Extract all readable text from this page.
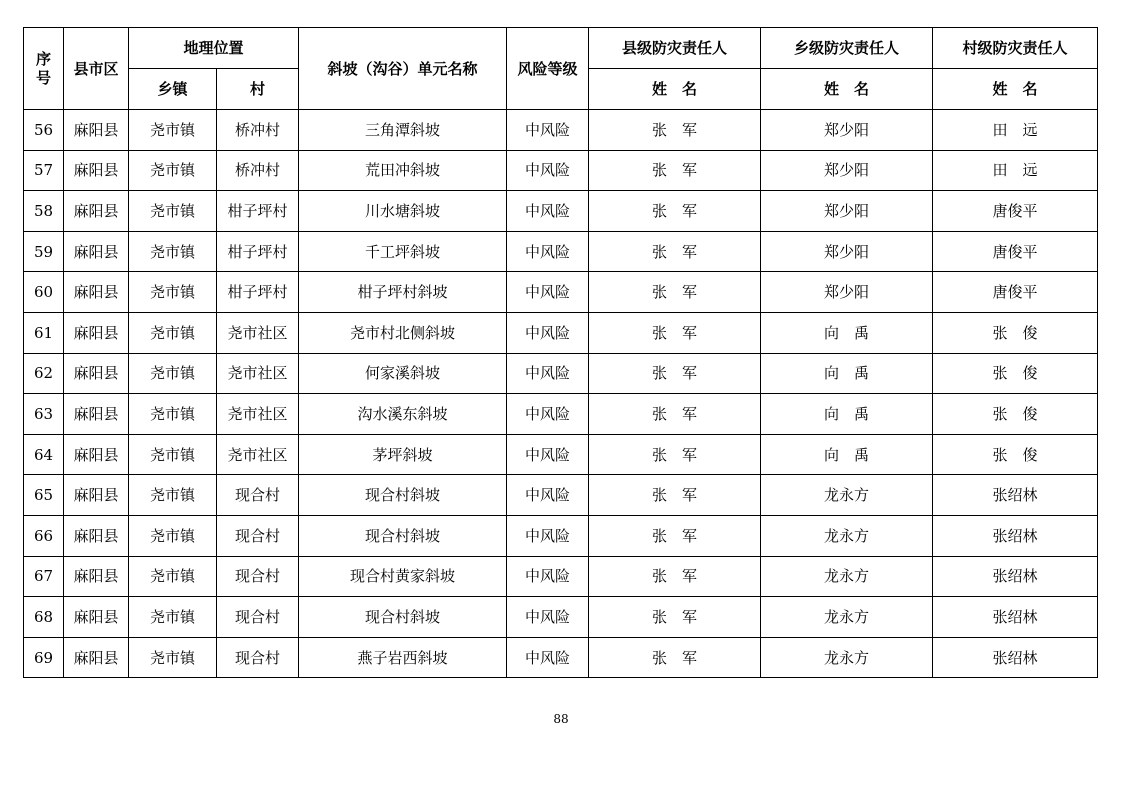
序
号	县市区	地理位置		斜坡（沟谷）单元名称	风险等级	县级防灾责任人	乡级防灾责任人	村级防灾责任人
		乡镇	村			姓　名	姓　名	姓　名
56	麻阳县	尧市镇	桥冲村	三角潭斜坡	中风险	张　军	郑少阳	田　远
57	麻阳县	尧市镇	桥冲村	荒田冲斜坡	中风险	张　军	郑少阳	田　远
58	麻阳县	尧市镇	柑子坪村	川水塘斜坡	中风险	张　军	郑少阳	唐俊平
59	麻阳县	尧市镇	柑子坪村	千工坪斜坡	中风险	张　军	郑少阳	唐俊平
60	麻阳县	尧市镇	柑子坪村	柑子坪村斜坡	中风险	张　军	郑少阳	唐俊平
61	麻阳县	尧市镇	尧市社区	尧市村北侧斜坡	中风险	张　军	向　禹	张　俊
62	麻阳县	尧市镇	尧市社区	何家溪斜坡	中风险	张　军	向　禹	张　俊
63	麻阳县	尧市镇	尧市社区	沟水溪东斜坡	中风险	张　军	向　禹	张　俊
64	麻阳县	尧市镇	尧市社区	茅坪斜坡	中风险	张　军	向　禹	张　俊
65	麻阳县	尧市镇	现合村	现合村斜坡	中风险	张　军	龙永方	张绍林
66	麻阳县	尧市镇	现合村	现合村斜坡	中风险	张　军	龙永方	张绍林
67	麻阳县	尧市镇	现合村	现合村黄家斜坡	中风险	张　军	龙永方	张绍林
68	麻阳县	尧市镇	现合村	现合村斜坡	中风险	张　军	龙永方	张绍林
69	麻阳县	尧市镇	现合村	燕子岩西斜坡	中风险	张　军	龙永方	张绍林
88
